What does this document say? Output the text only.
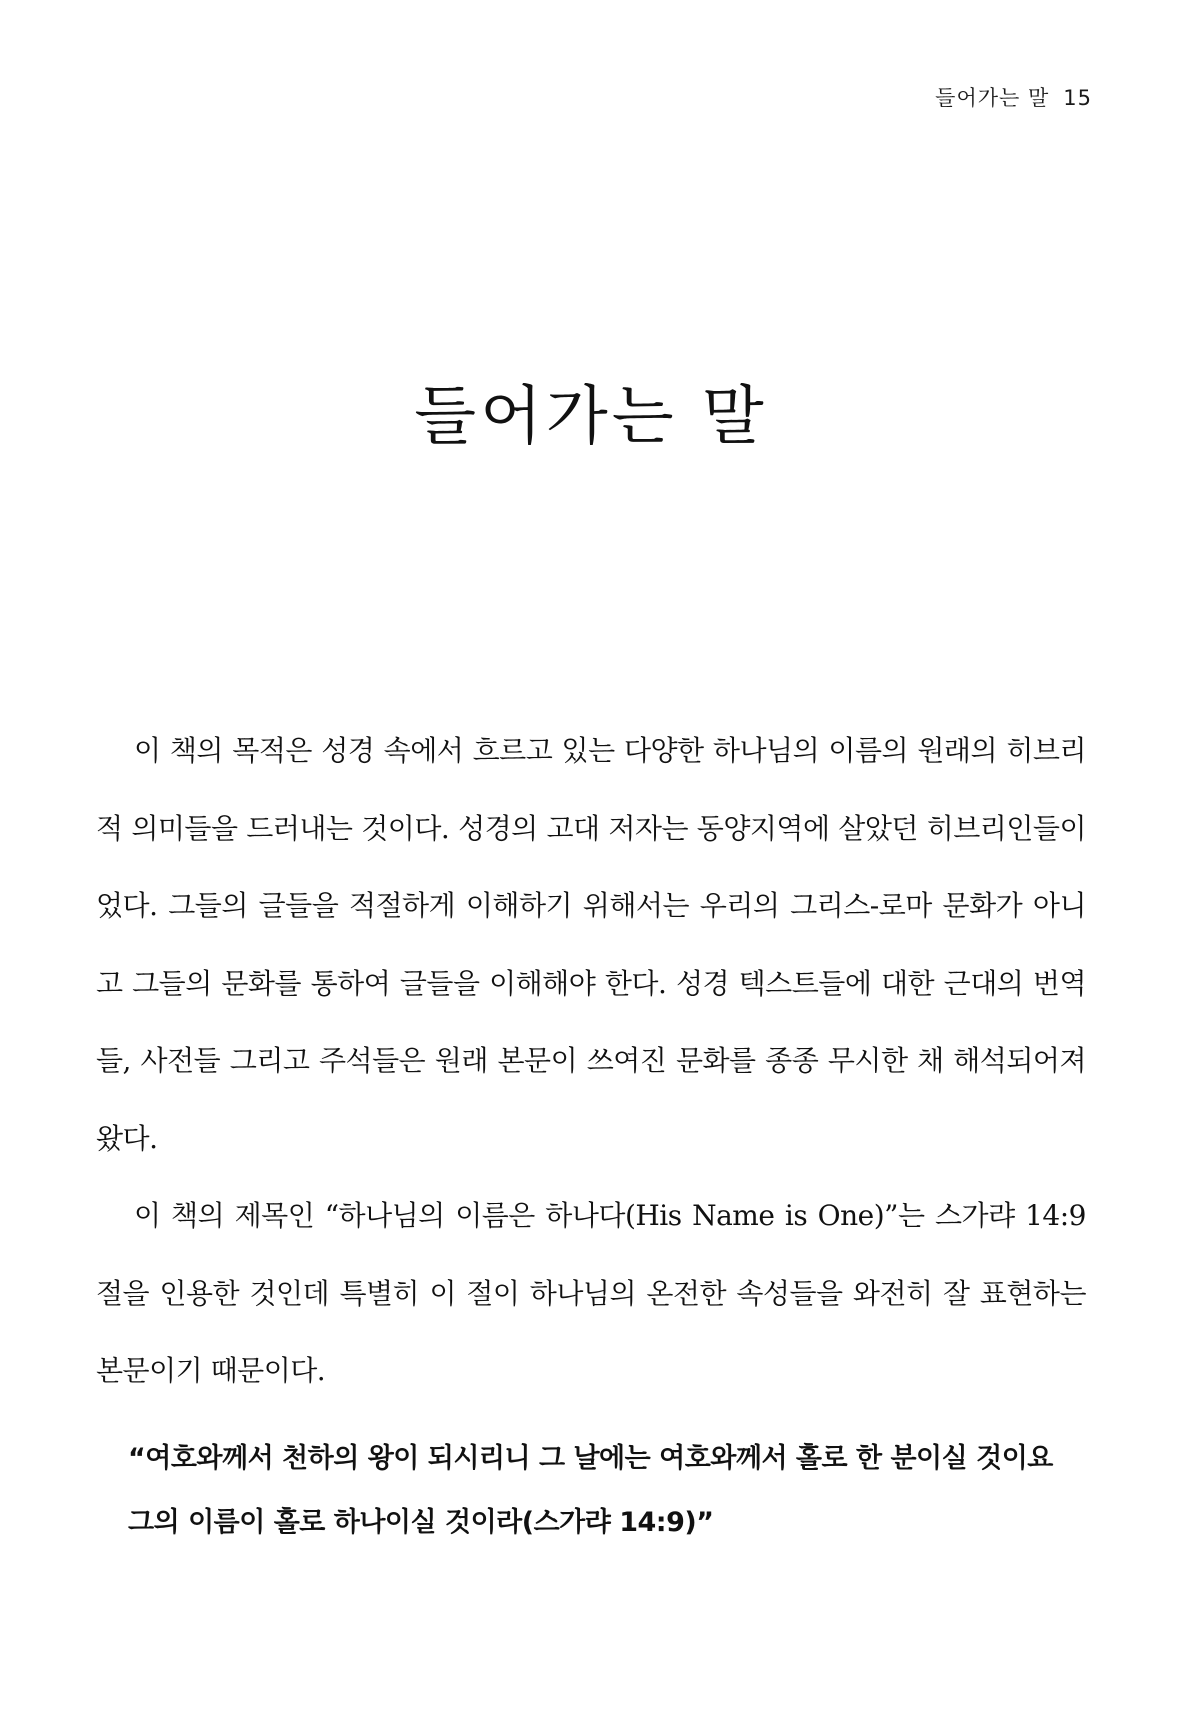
들어가는 말 15
들어가는 말

이 책의 목적은 성경 속에서 흐르고 있는 다양한 하나님의 이름의 원래의 히브리적 의미들을 드러내는 것이다. 성경의 고대 저자는 동양지역에 살았던 히브리인들이었다. 그들의 글들을 적절하게 이해하기 위해서는 우리의 그리스-로마 문화가 아니고 그들의 문화를 통하여 글들을 이해해야 한다. 성경 텍스트들에 대한 근대의 번역들, 사전들 그리고 주석들은 원래 본문이 쓰여진 문화를 종종 무시한 채 해석되어져 왔다.

이 책의 제목인 “하나님의 이름은 하나다(His Name is One)”는 스가랴 14:9절을 인용한 것인데 특별히 이 절이 하나님의 온전한 속성들을 와전히 잘 표현하는 본문이기 때문이다.

“여호와께서 천하의 왕이 되시리니 그 날에는 여호와께서 홀로 한 분이실 것이요
그의 이름이 홀로 하나이실 것이라(스가랴 14:9)”
